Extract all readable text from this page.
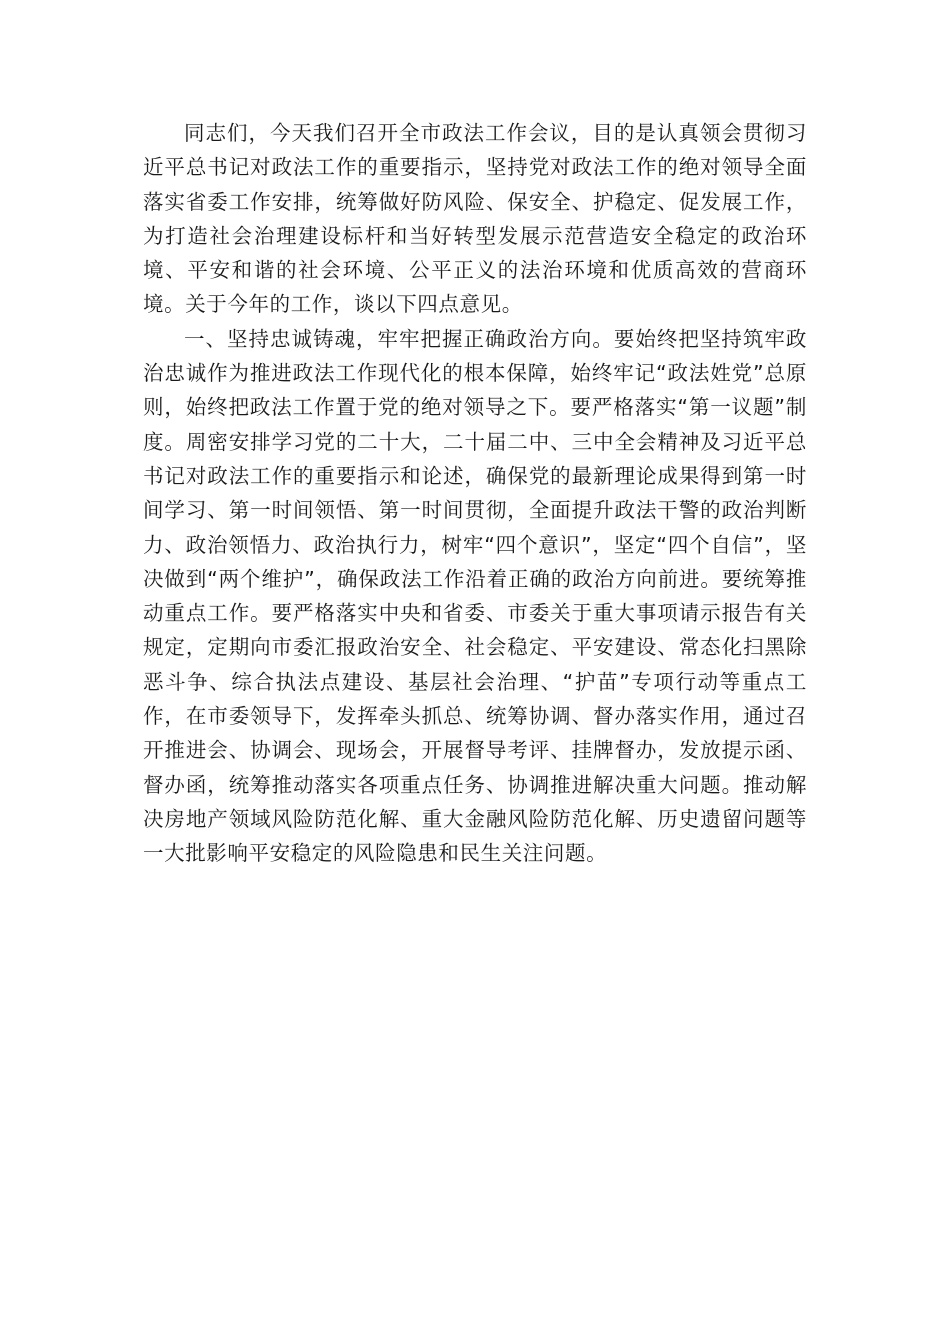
同志们，今天我们召开全市政法工作会议，目的是认真领会贯彻习近平总书记对政法工作的重要指示，坚持党对政法工作的绝对领导全面落实省委工作安排，统筹做好防风险、保安全、护稳定、促发展工作，为打造社会治理建设标杆和当好转型发展示范营造安全稳定的政治环境、平安和谐的社会环境、公平正义的法治环境和优质高效的营商环境。关于今年的工作，谈以下四点意见。

一、坚持忠诚铸魂，牢牢把握正确政治方向。要始终把坚持筑牢政治忠诚作为推进政法工作现代化的根本保障，始终牢记“政法姓党”总原则，始终把政法工作置于党的绝对领导之下。要严格落实“第一议题”制度。周密安排学习党的二十大，二十届二中、三中全会精神及习近平总书记对政法工作的重要指示和论述，确保党的最新理论成果得到第一时间学习、第一时间领悟、第一时间贯彻，全面提升政法干警的政治判断力、政治领悟力、政治执行力，树牢“四个意识”，坚定“四个自信”，坚决做到“两个维护”，确保政法工作沿着正确的政治方向前进。要统筹推动重点工作。要严格落实中央和省委、市委关于重大事项请示报告有关规定，定期向市委汇报政治安全、社会稳定、平安建设、常态化扫黑除恶斗争、综合执法点建设、基层社会治理、“护苗”专项行动等重点工作，在市委领导下，发挥牵头抓总、统筹协调、督办落实作用，通过召开推进会、协调会、现场会，开展督导考评、挂牌督办，发放提示函、督办函，统筹推动落实各项重点任务、协调推进解决重大问题。推动解决房地产领域风险防范化解、重大金融风险防范化解、历史遗留问题等一大批影响平安稳定的风险隐患和民生关注问题。
